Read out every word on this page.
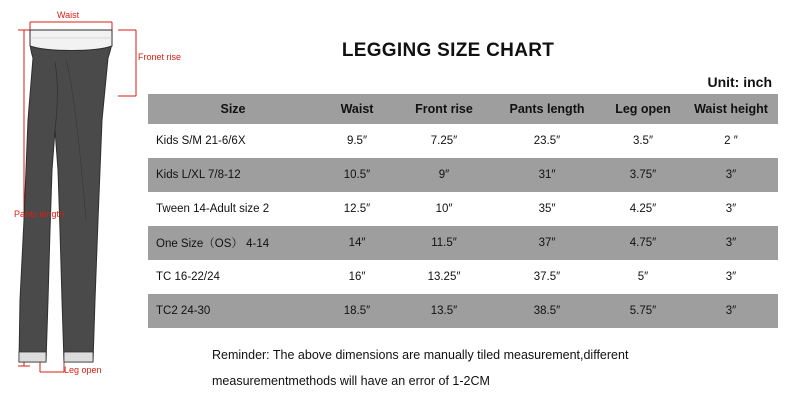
Waist
Fronet rise
Pants length
Leg open
LEGGING SIZE CHART
Unit: inch
Size	Waist	Front rise	Pants length	Leg open	Waist height
Kids S/M 21-6/6X	9.5″	7.25″	23.5″	3.5″	2 ″
Kids L/XL 7/8-12	10.5″	9″	31″	3.75″	3″
Tween 14-Adult size 2	12.5″	10″	35″	4.25″	3″
One Size（OS） 4-14	14″	11.5″	37″	4.75″	3″
TC 16-22/24	16″	13.25″	37.5″	5″	3″
TC2 24-30	18.5″	13.5″	38.5″	5.75″	3″
Reminder: The above dimensions are manually tiled measurement,different
measurementmethods will have an error of 1-2CM
